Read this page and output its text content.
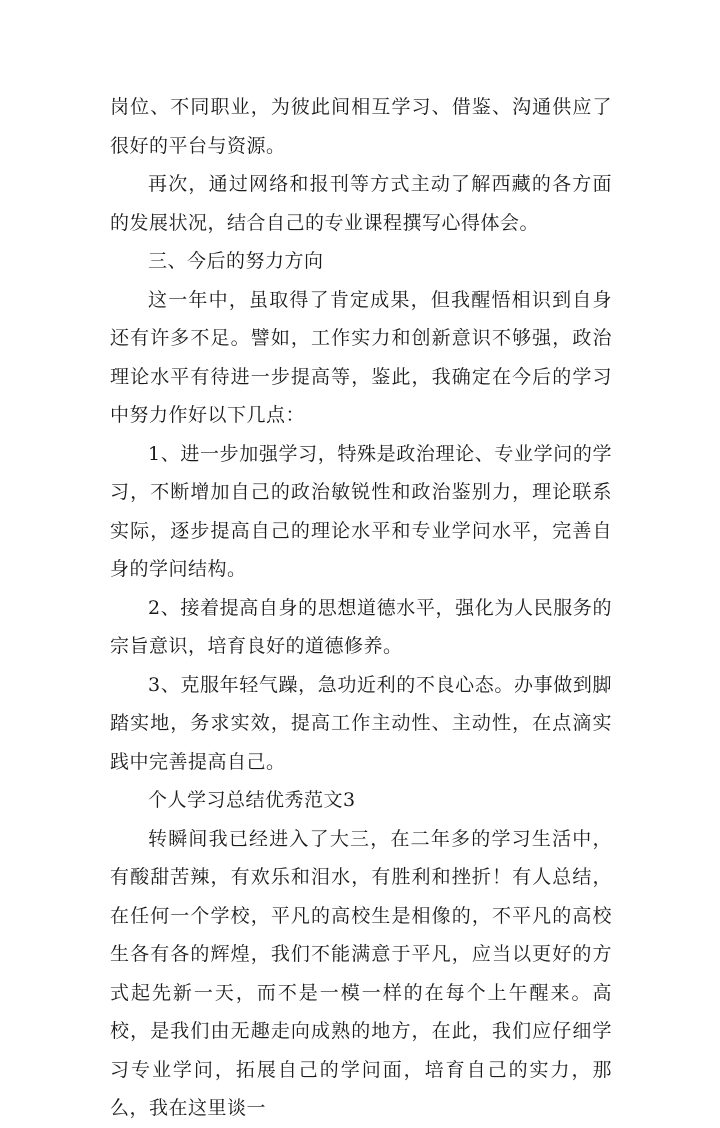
岗位、不同职业，为彼此间相互学习、借鉴、沟通供应了很好的平台与资源。

再次，通过网络和报刊等方式主动了解西藏的各方面的发展状况，结合自己的专业课程撰写心得体会。

三、今后的努力方向

这一年中，虽取得了肯定成果，但我醒悟相识到自身还有许多不足。譬如，工作实力和创新意识不够强，政治理论水平有待进一步提高等，鉴此，我确定在今后的学习中努力作好以下几点：

1、进一步加强学习，特殊是政治理论、专业学问的学习，不断增加自己的政治敏锐性和政治鉴别力，理论联系实际，逐步提高自己的理论水平和专业学问水平，完善自身的学问结构。

2、接着提高自身的思想道德水平，强化为人民服务的宗旨意识，培育良好的道德修养。

3、克服年轻气躁，急功近利的不良心态。办事做到脚踏实地，务求实效，提高工作主动性、主动性，在点滴实践中完善提高自己。

个人学习总结优秀范文3

转瞬间我已经进入了大三，在二年多的学习生活中，有酸甜苦辣，有欢乐和泪水，有胜利和挫折！有人总结，在任何一个学校，平凡的高校生是相像的，不平凡的高校生各有各的辉煌，我们不能满意于平凡，应当以更好的方式起先新一天，而不是一模一样的在每个上午醒来。高校，是我们由无趣走向成熟的地方，在此，我们应仔细学习专业学问，拓展自己的学问面，培育自己的实力，那么，我在这里谈一
